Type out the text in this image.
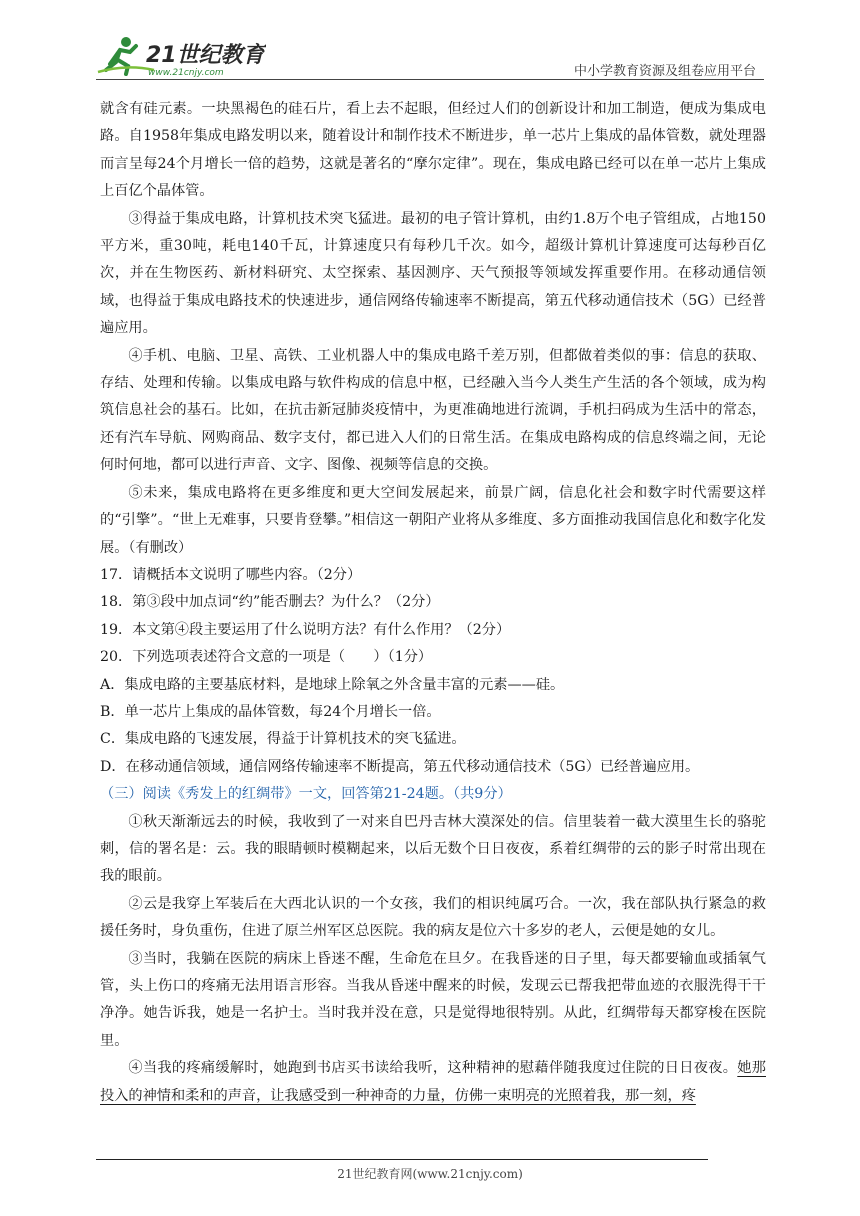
21世纪教育
www.21cnjy.com	中小学教育资源及组卷应用平台

就含有硅元素。一块黑褐色的硅石片，看上去不起眼，但经过人们的创新设计和加工制造，便成为集成电路。自1958年集成电路发明以来，随着设计和制作技术不断进步，单一芯片上集成的晶体管数，就处理器而言呈每24个月增长一倍的趋势，这就是著名的“摩尔定律”。现在，集成电路已经可以在单一芯片上集成上百亿个晶体管。

③得益于集成电路，计算机技术突飞猛进。最初的电子管计算机，由约1.8万个电子管组成，占地150平方米，重30吨，耗电140千瓦，计算速度只有每秒几千次。如今，超级计算机计算速度可达每秒百亿次，并在生物医药、新材料研究、太空探索、基因测序、天气预报等领域发挥重要作用。在移动通信领域，也得益于集成电路技术的快速进步，通信网络传输速率不断提高，第五代移动通信技术（5G）已经普遍应用。

④手机、电脑、卫星、高铁、工业机器人中的集成电路千差万别，但都做着类似的事：信息的获取、存结、处理和传输。以集成电路与软件构成的信息中枢，已经融入当今人类生产生活的各个领域，成为构筑信息社会的基石。比如，在抗击新冠肺炎疫情中，为更准确地进行流调，手机扫码成为生活中的常态，还有汽车导航、网购商品、数字支付，都已进入人们的日常生活。在集成电路构成的信息终端之间，无论何时何地，都可以进行声音、文字、图像、视频等信息的交换。

⑤未来，集成电路将在更多维度和更大空间发展起来，前景广阔，信息化社会和数字时代需要这样的“引擎”。“世上无难事，只要肯登攀。”相信这一朝阳产业将从多维度、多方面推动我国信息化和数字化发展。（有删改）

17．请概括本文说明了哪些内容。（2分）

18．第③段中加点词“约”能否删去？为什么？（2分）

19．本文第④段主要运用了什么说明方法？有什么作用？（2分）

20．下列选项表述符合文意的一项是（　　）（1分）

A．集成电路的主要基底材料，是地球上除氧之外含量丰富的元素——硅。

B．单一芯片上集成的晶体管数，每24个月增长一倍。

C．集成电路的飞速发展，得益于计算机技术的突飞猛进。

D．在移动通信领域，通信网络传输速率不断提高，第五代移动通信技术（5G）已经普遍应用。

（三）阅读《秀发上的红绸带》一文，回答第21-24题。（共9分）

①秋天渐渐远去的时候，我收到了一对来自巴丹吉林大漠深处的信。信里装着一截大漠里生长的骆驼刺，信的署名是：云。我的眼睛顿时模糊起来，以后无数个日日夜夜，系着红绸带的云的影子时常出现在我的眼前。

②云是我穿上军装后在大西北认识的一个女孩，我们的相识纯属巧合。一次，我在部队执行紧急的救援任务时，身负重伤，住进了原兰州军区总医院。我的病友是位六十多岁的老人，云便是她的女儿。

③当时，我躺在医院的病床上昏迷不醒，生命危在旦夕。在我昏迷的日子里，每天都要输血或插氧气管，头上伤口的疼痛无法用语言形容。当我从昏迷中醒来的时候，发现云已帮我把带血迹的衣服洗得干干净净。她告诉我，她是一名护士。当时我并没在意，只是觉得地很特别。从此，红绸带每天都穿梭在医院里。

④当我的疼痛缓解时，她跑到书店买书读给我听，这种精神的慰藉伴随我度过住院的日日夜夜。她那投入的神情和柔和的声音，让我感受到一种神奇的力量，仿佛一束明亮的光照着我，那一刻，疼

21世纪教育网(www.21cnjy.com)
